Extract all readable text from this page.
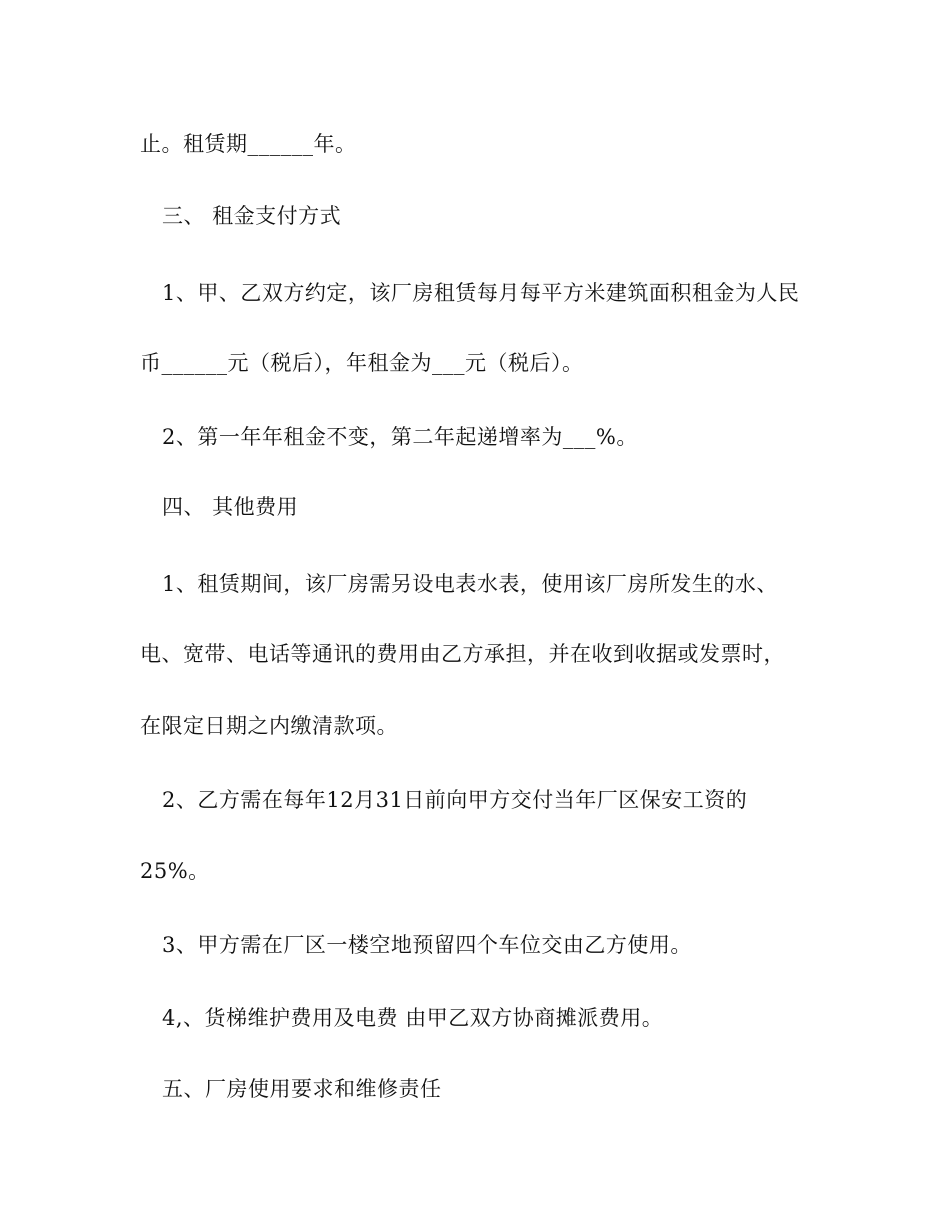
止。租赁期______年。
三、 租金支付方式
1、甲、乙双方约定，该厂房租赁每月每平方米建筑面积租金为人民
币______元（税后），年租金为___元（税后）。
2、第一年年租金不变，第二年起递增率为___%。
四、 其他费用
1、租赁期间，该厂房需另设电表水表，使用该厂房所发生的水、
电、宽带、电话等通讯的费用由乙方承担，并在收到收据或发票时，
在限定日期之内缴清款项。
2、乙方需在每年12月31日前向甲方交付当年厂区保安工资的
25%。
3、甲方需在厂区一楼空地预留四个车位交由乙方使用。
4,、货梯维护费用及电费 由甲乙双方协商摊派费用。
五、厂房使用要求和维修责任
